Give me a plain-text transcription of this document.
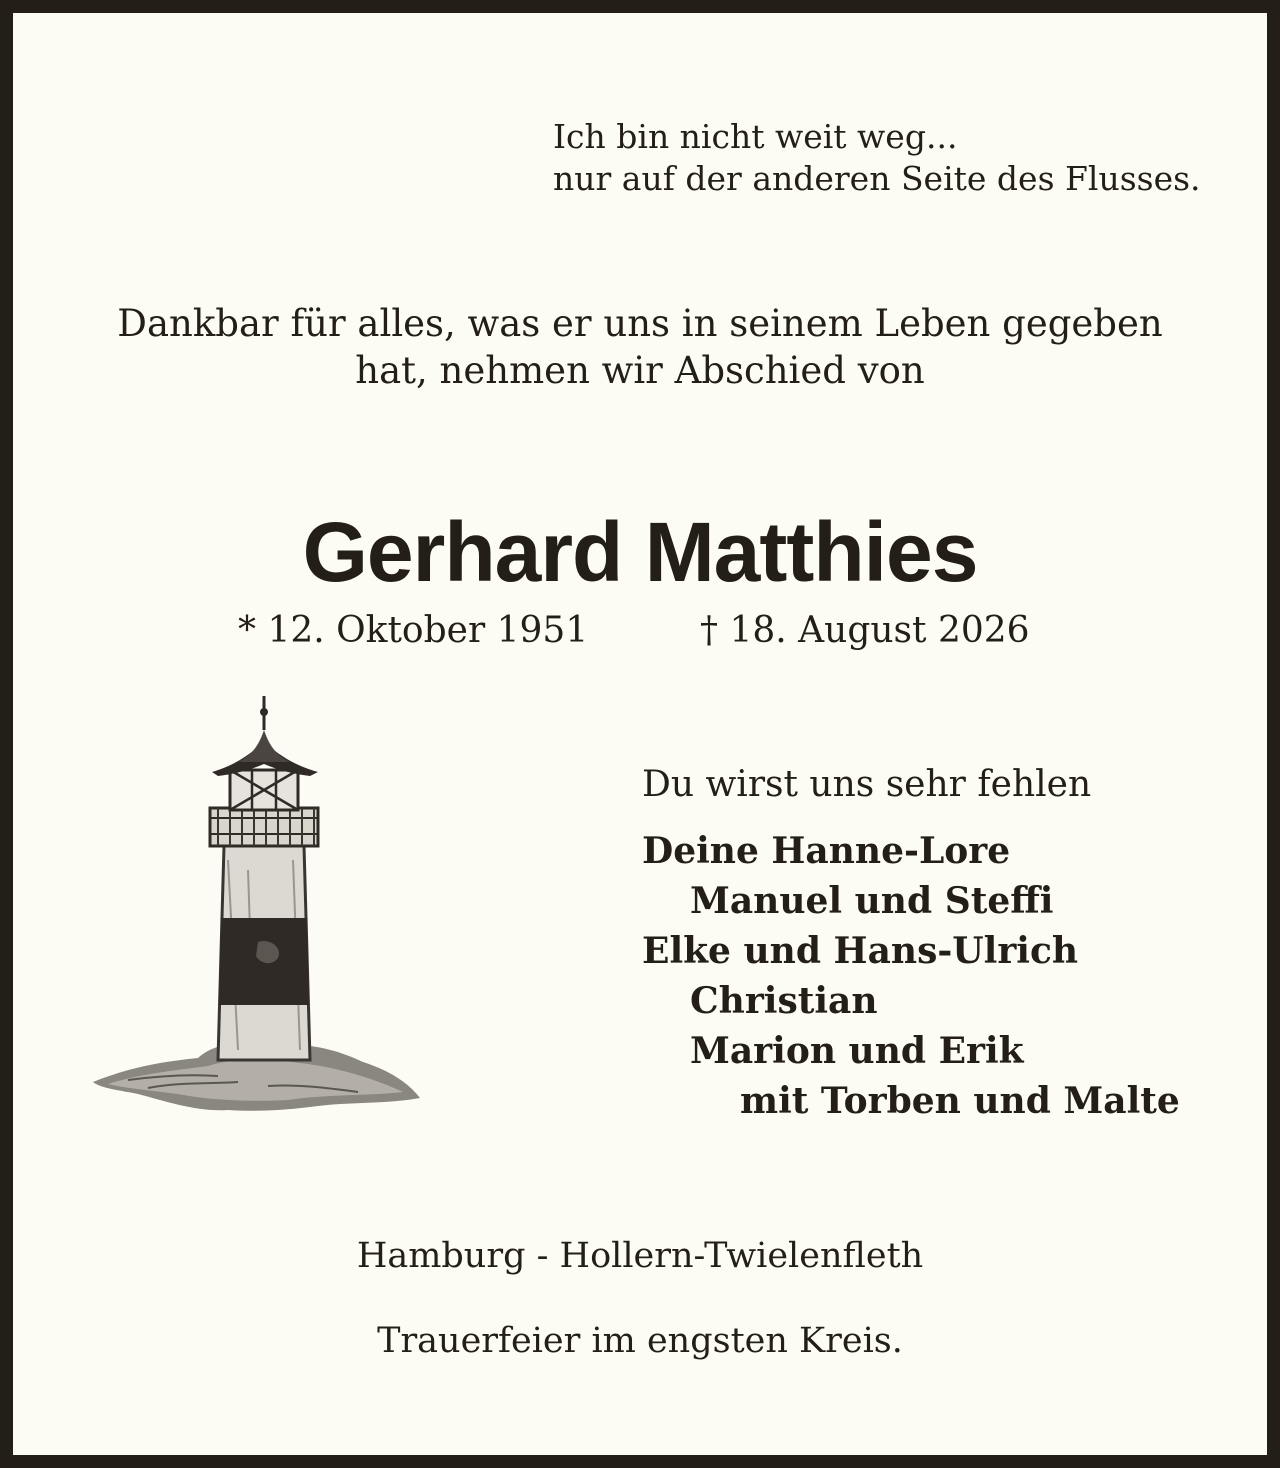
Ich bin nicht weit weg...
nur auf der anderen Seite des Flusses.
Dankbar für alles, was er uns in seinem Leben gegeben
hat, nehmen wir Abschied von
Gerhard Matthies
* 12. Oktober 1951	† 18. August 2026
Du wirst uns sehr fehlen
Deine Hanne-Lore
Manuel und Steffi
Elke und Hans-Ulrich
Christian
Marion und Erik
mit Torben und Malte
Hamburg - Hollern-Twielenfleth
Trauerfeier im engsten Kreis.
